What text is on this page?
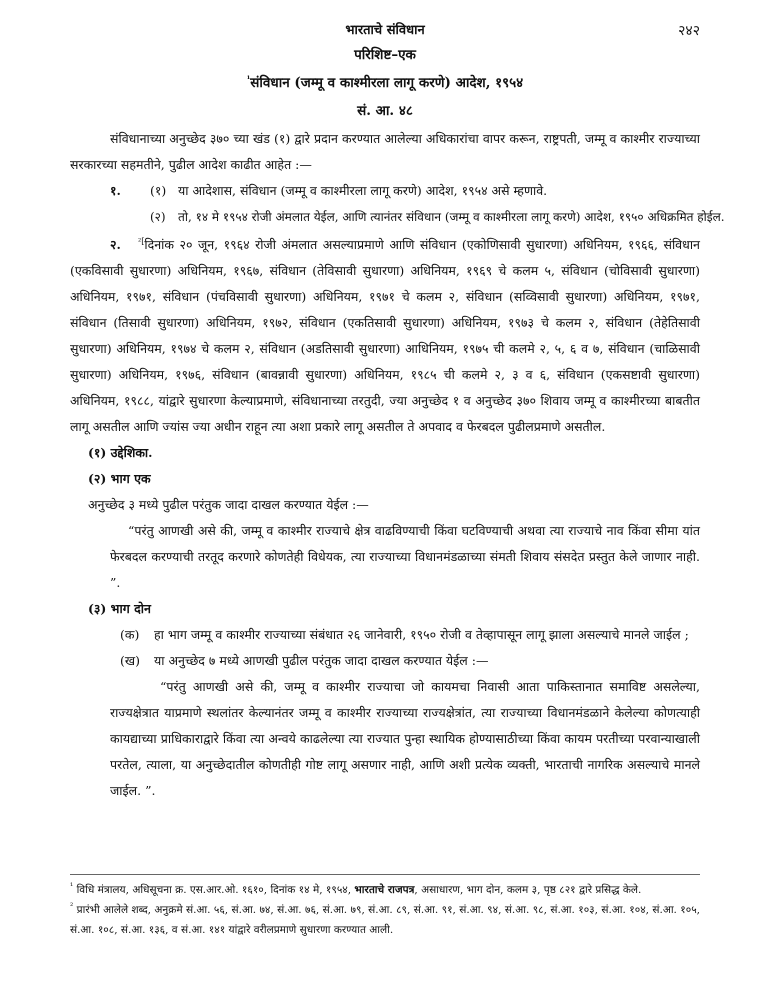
भारताचे संविधान	२४२
परिशिष्ट–एक
$^{^1}$संविधान (जम्मू व काश्मीरला लागू करणे) आदेश, १९५४
सं. आ. ४८

संविधानाच्या अनुच्छेद ३७० च्या खंड (१) द्वारे प्रदान करण्यात आलेल्या अधिकारांचा वापर करून, राष्ट्रपती, जम्मू व काश्मीर राज्याच्या सरकारच्या सहमतीने, पुढील आदेश काढीत आहेत :—

१. (१) या आदेशास, संविधान (जम्मू व काश्मीरला लागू करणे) आदेश, १९५४ असे म्हणावे.
(२) तो, १४ मे १९५४ रोजी अंमलात येईल, आणि त्यानंतर संविधान (जम्मू व काश्मीरला लागू करणे) आदेश, १९५० अधिक्रमित होईल.

२. $^{^2[}$दिनांक २० जून, १९६४ रोजी अंमलात असल्याप्रमाणे आणि संविधान (एकोणिसावी सुधारणा) अधिनियम, १९६६, संविधान (एकविसावी सुधारणा) अधिनियम, १९६७, संविधान (तेविसावी सुधारणा) अधिनियम, १९६९ चे कलम ५, संविधान (चोविसावी सुधारणा) अधिनियम, १९७१, संविधान (पंचविसावी सुधारणा) अधिनियम, १९७१ चे कलम २, संविधान (सव्विसावी सुधारणा) अधिनियम, १९७१, संविधान (तिसावी सुधारणा) अधिनियम, १९७२, संविधान (एकतिसावी सुधारणा) अधिनियम, १९७३ चे कलम २, संविधान (तेहेतिसावी सुधारणा) अधिनियम, १९७४ चे कलम २, संविधान (अडतिसावी सुधारणा) आधिनियम, १९७५ ची कलमे २, ५, ६ व ७, संविधान (चाळिसावी सुधारणा) अधिनियम, १९७६, संविधान (बावन्नावी सुधारणा) अधिनियम, १९८५ ची कलमे २, ३ व ६, संविधान (एकसष्टावी सुधारणा) अधिनियम, १९८८, यांद्वारे सुधारणा केल्याप्रमाणे, संविधानाच्या तरतुदी, ज्या अनुच्छेद १ व अनुच्छेद ३७० शिवाय जम्मू व काश्मीरच्या बाबतीत लागू असतील आणि ज्यांस ज्या अधीन राहून त्या अशा प्रकारे लागू असतील ते अपवाद व फेरबदल पुढीलप्रमाणे असतील.

(१) उद्देशिका.
(२) भाग एक
अनुच्छेद ३ मध्ये पुढील परंतुक जादा दाखल करण्यात येईल :—

“परंतु आणखी असे की, जम्मू व काश्मीर राज्याचे क्षेत्र वाढविण्याची किंवा घटविण्याची अथवा त्या राज्याचे नाव किंवा सीमा यांत फेरबदल करण्याची तरतूद करणारे कोणतेही विधेयक, त्या राज्याच्या विधानमंडळाच्या संमती शिवाय संसदेत प्रस्तुत केले जाणार नाही. ”.

(३) भाग दोन
(क) हा भाग जम्मू व काश्मीर राज्याच्या संबंधात २६ जानेवारी, १९५० रोजी व तेव्हापासून लागू झाला असल्याचे मानले जाईल ;
(ख) या अनुच्छेद ७ मध्ये आणखी पुढील परंतुक जादा दाखल करण्यात येईल :—

“परंतु आणखी असे की, जम्मू व काश्मीर राज्याचा जो कायमचा निवासी आता पाकिस्तानात समाविष्ट असलेल्या, राज्यक्षेत्रात याप्रमाणे स्थलांतर केल्यानंतर जम्मू व काश्मीर राज्याच्या राज्यक्षेत्रांत, त्या राज्याच्या विधानमंडळाने केलेल्या कोणत्याही कायद्याच्या प्राधिकाराद्वारे किंवा त्या अन्वये काढलेल्या त्या राज्यात पुन्हा स्थायिक होण्यासाठीच्या किंवा कायम परतीच्या परवान्याखाली परतेल, त्याला, या अनुच्छेदातील कोणतीही गोष्ट लागू असणार नाही, आणि अशी प्रत्येक व्यक्ती, भारताची नागरिक असल्याचे मानले जाईल. ”.

$^{^1}$ विधि मंत्रालय, अधिसूचना क्र. एस.आर.ओ. १६१०, दिनांक १४ मे, १९५४, भारताचे राजपत्र, असाधारण, भाग दोन, कलम ३, पृष्ठ ८२१ द्वारे प्रसिद्ध केले.

$^{^2}$ प्रारंभी आलेले शब्द, अनुक्रमे सं.आ. ५६, सं.आ. ७४, सं.आ. ७६, सं.आ. ७९, सं.आ. ८९, सं.आ. ९१, सं.आ. ९४, सं.आ. ९८, सं.आ. १०३, सं.आ. १०४, सं.आ. १०५, सं.आ. १०८, सं.आ. १३६, व सं.आ. १४१ यांद्वारे वरीलप्रमाणे सुधारणा करण्यात आली.
